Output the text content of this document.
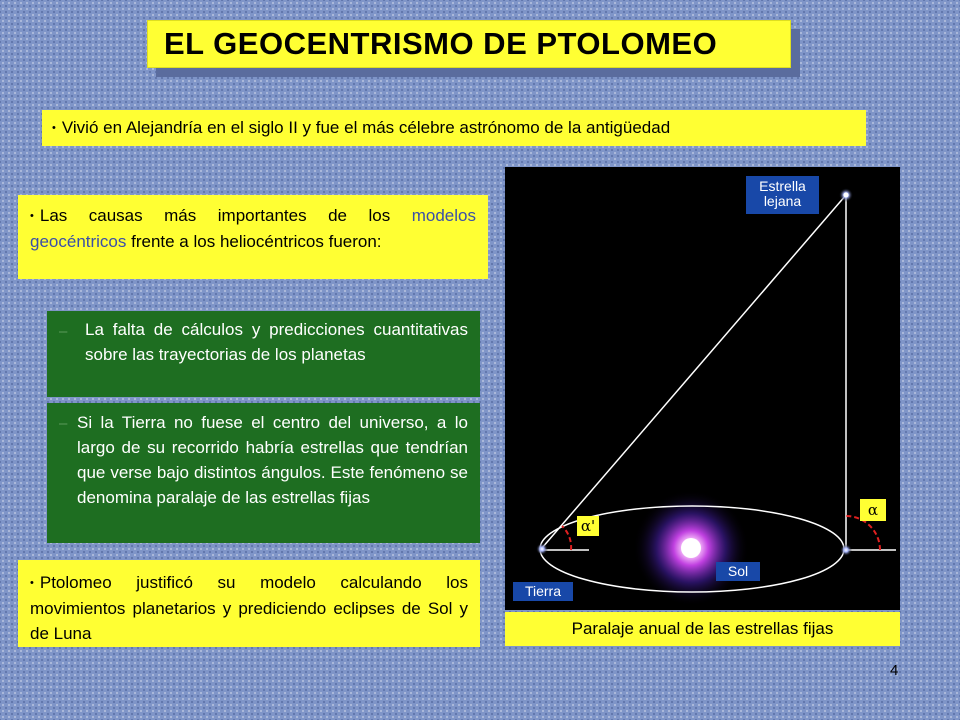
EL GEOCENTRISMO DE PTOLOMEO
• Vivió en Alejandría en el siglo II y fue el más célebre astrónomo de la antigüedad
• Las causas más importantes de los modelos geocéntricos frente a los heliocéntricos fueron:
– La falta de cálculos y predicciones cuantitativas sobre las trayectorias de los planetas
– Si la Tierra no fuese el centro del universo, a lo largo de su recorrido habría estrellas que tendrían que verse bajo distintos ángulos. Este fenómeno se denomina paralaje de las estrellas fijas
• Ptolomeo justificó su modelo calculando los movimientos planetarios y prediciendo eclipses de Sol y de Luna
Estrella lejana
Sol
Tierra
α'
α
Paralaje anual de las estrellas fijas
4
